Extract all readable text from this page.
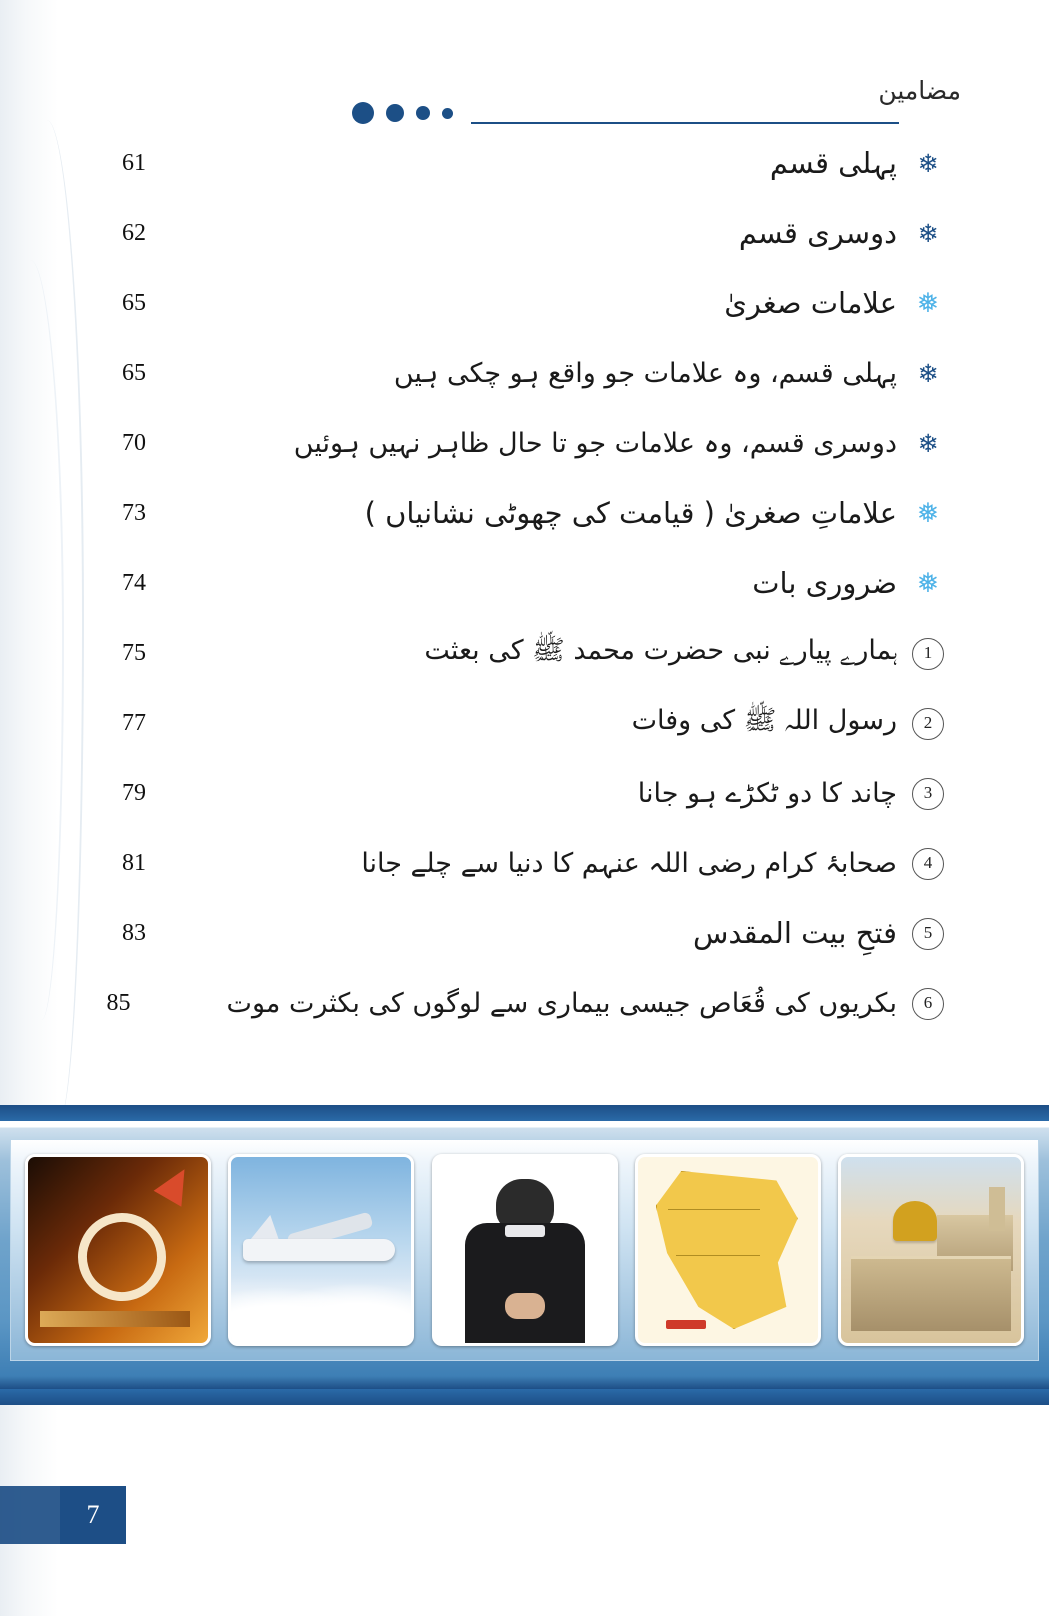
مضامین
❄
پہلی قسم
61
❄
دوسری قسم
62
❅
علامات صغریٰ
65
❄
پہلی قسم، وہ علامات جو واقع ہو چکی ہیں
65
❄
دوسری قسم، وہ علامات جو تا حال ظاہر نہیں ہوئیں
70
❅
علاماتِ صغریٰ ( قیامت کی چھوٹی نشانیاں )
73
❅
ضروری بات
74
1
ہمارے پیارے نبی حضرت محمد ﷺ کی بعثت
75
2
رسول اللہ ﷺ کی وفات
77
3
چاند کا دو ٹکڑے ہو جانا
79
4
صحابۂ کرام رضی اللہ عنہم کا دنیا سے چلے جانا
81
5
فتحِ بیت المقدس
83
6
بکریوں کی قُعَاص جیسی بیماری سے لوگوں کی بکثرت موت
85
7
